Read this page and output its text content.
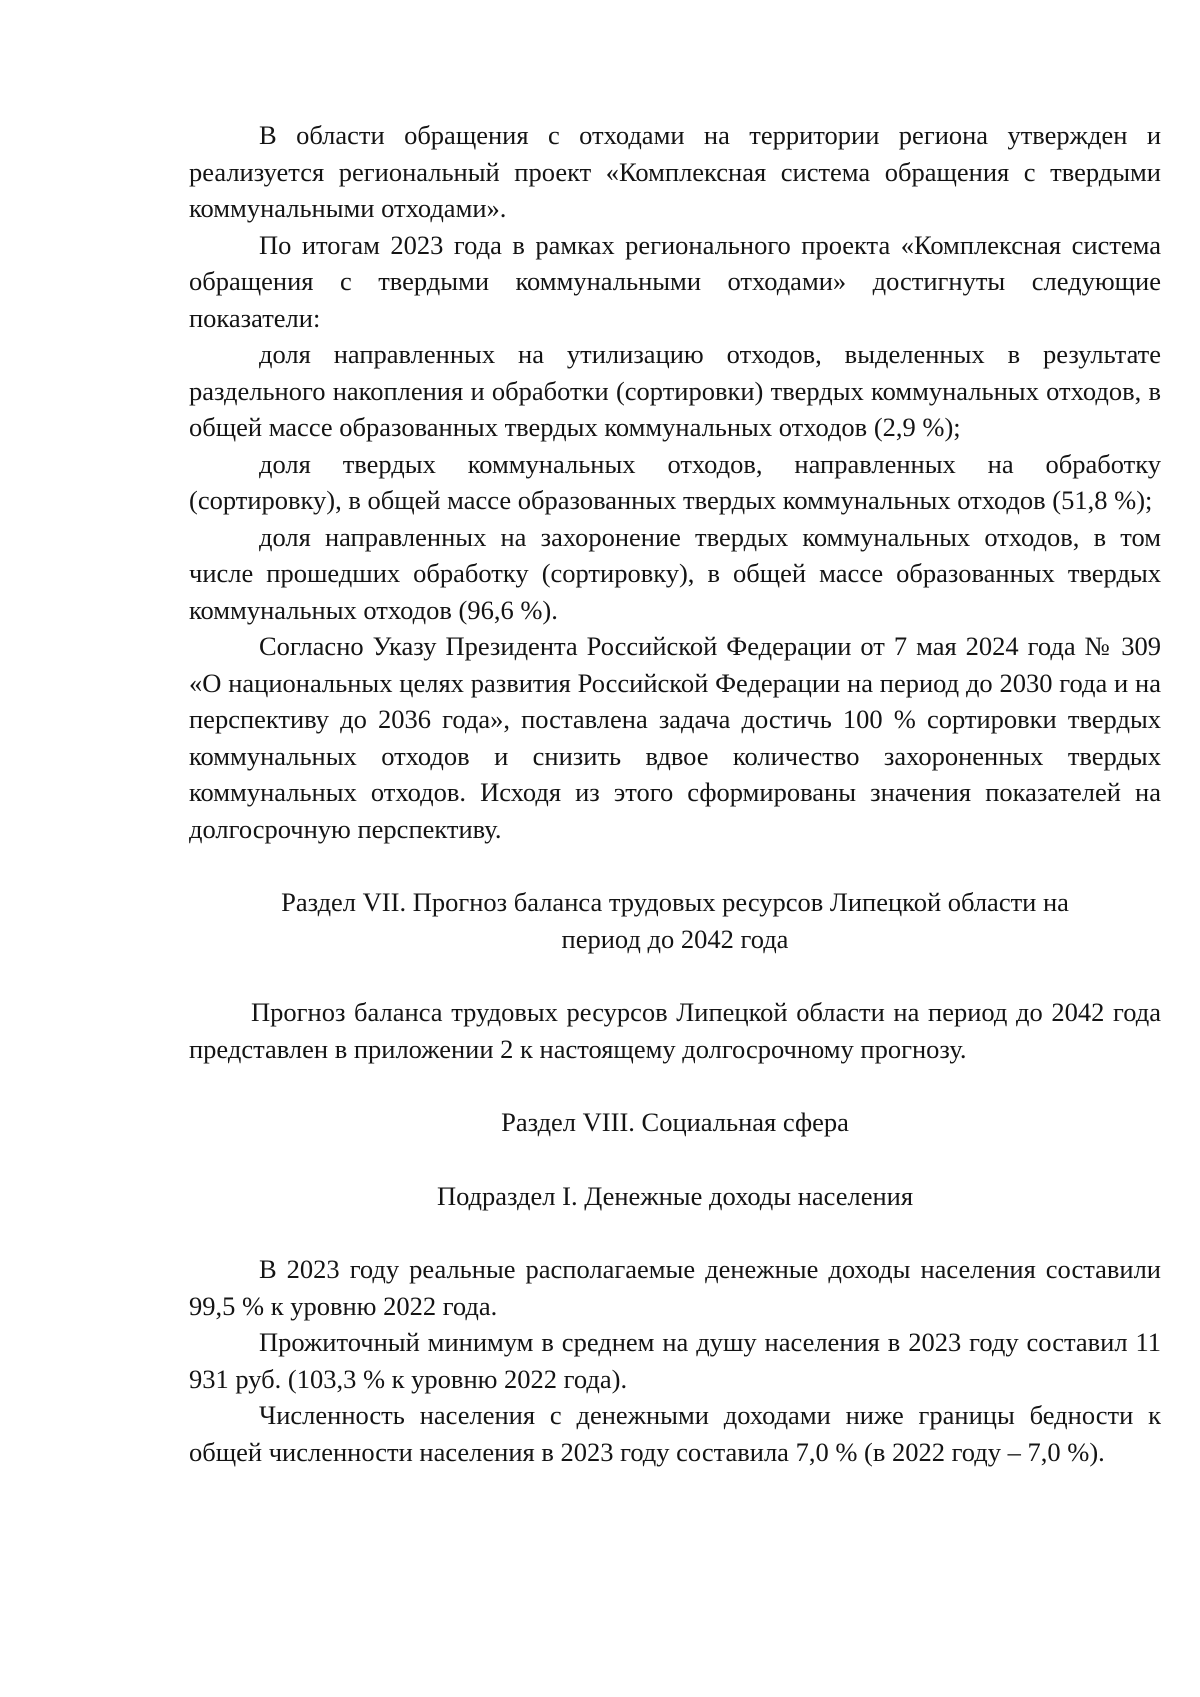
В области обращения с отходами на территории региона утвержден и реализуется региональный проект «Комплексная система обращения с твердыми коммунальными отходами».

По итогам 2023 года в рамках регионального проекта «Комплексная система обращения с твердыми коммунальными отходами» достигнуты следующие показатели:

доля направленных на утилизацию отходов, выделенных в результате раздельного накопления и обработки (сортировки) твердых коммунальных отходов, в общей массе образованных твердых коммунальных отходов (2,9 %);

доля твердых коммунальных отходов, направленных на обработку (сортировку), в общей массе образованных твердых коммунальных отходов (51,8 %);

доля направленных на захоронение твердых коммунальных отходов, в том числе прошедших обработку (сортировку), в общей массе образованных твердых коммунальных отходов (96,6 %).

Согласно Указу Президента Российской Федерации от 7 мая 2024 года № 309 «О национальных целях развития Российской Федерации на период до 2030 года и на перспективу до 2036 года», поставлена задача достичь 100 % сортировки твердых коммунальных отходов и снизить вдвое количество захороненных твердых коммунальных отходов. Исходя из этого сформированы значения показателей на долгосрочную перспективу.

Раздел VII. Прогноз баланса трудовых ресурсов Липецкой области на

период до 2042 года

Прогноз баланса трудовых ресурсов Липецкой области на период до 2042 года представлен в приложении 2 к настоящему долгосрочному прогнозу.

Раздел VIII. Социальная сфера

Подраздел I. Денежные доходы населения

В 2023 году реальные располагаемые денежные доходы населения составили 99,5 % к уровню 2022 года.

Прожиточный минимум в среднем на душу населения в 2023 году составил 11 931 руб. (103,3 % к уровню 2022 года).

Численность населения с денежными доходами ниже границы бедности к общей численности населения в 2023 году составила 7,0 % (в 2022 году – 7,0 %).
